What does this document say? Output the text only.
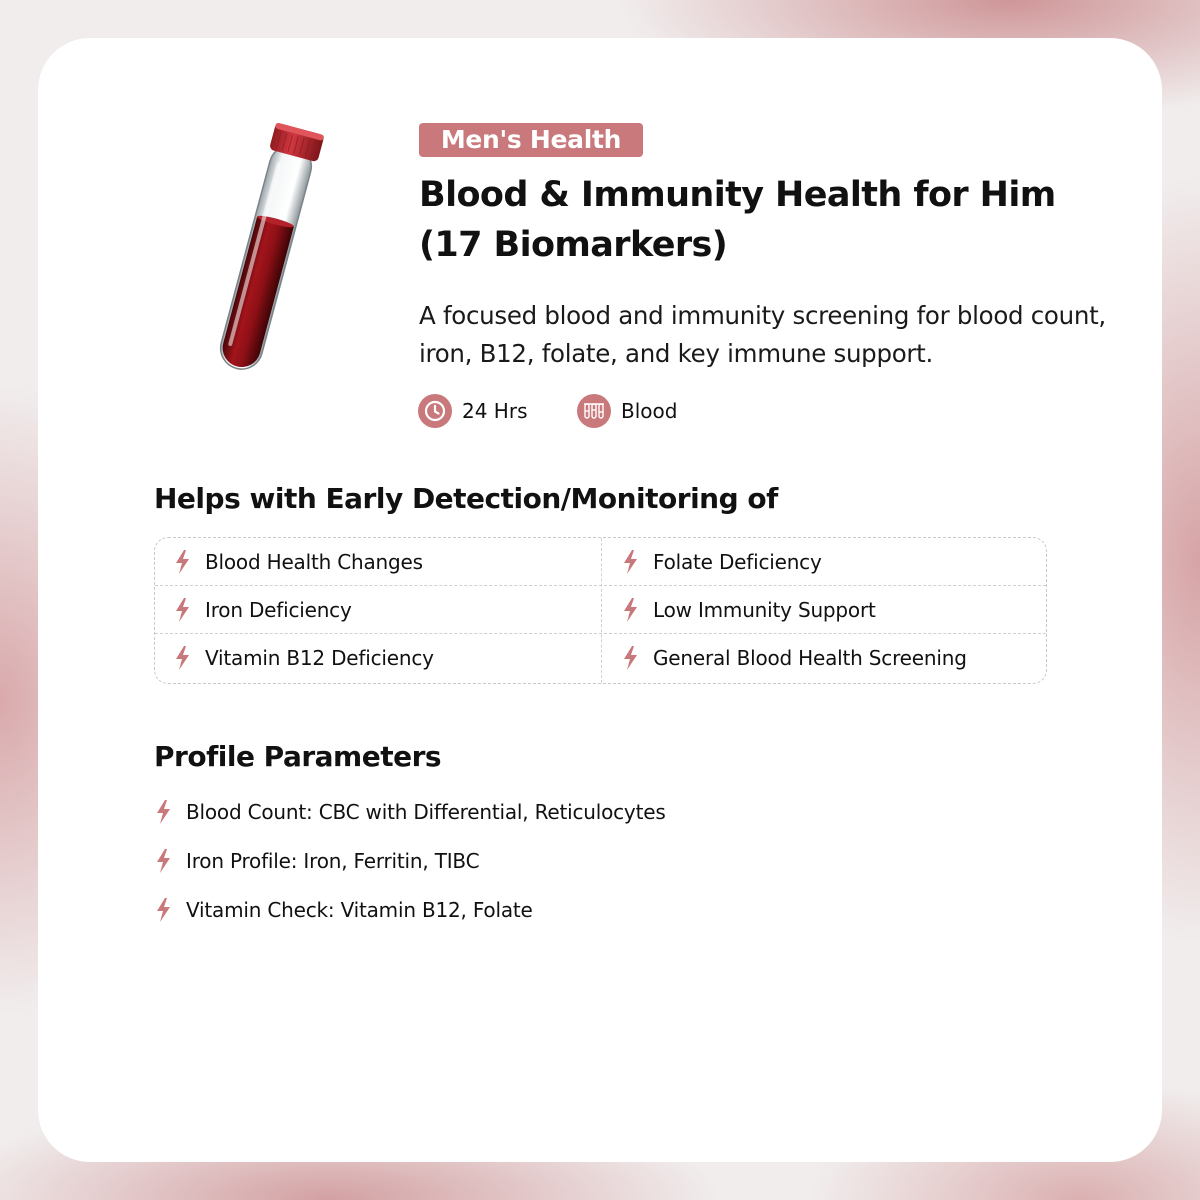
Men's Health
Blood & Immunity Health for Him (17 Biomarkers)
A focused blood and immunity screening for blood count, iron, B12, folate, and key immune support.
24 Hrs	Blood
Helps with Early Detection/Monitoring of
Blood Health Changes	Folate Deficiency
Iron Deficiency	Low Immunity Support
Vitamin B12 Deficiency	General Blood Health Screening
Profile Parameters
Blood Count: CBC with Differential, Reticulocytes
Iron Profile: Iron, Ferritin, TIBC
Vitamin Check: Vitamin B12, Folate
